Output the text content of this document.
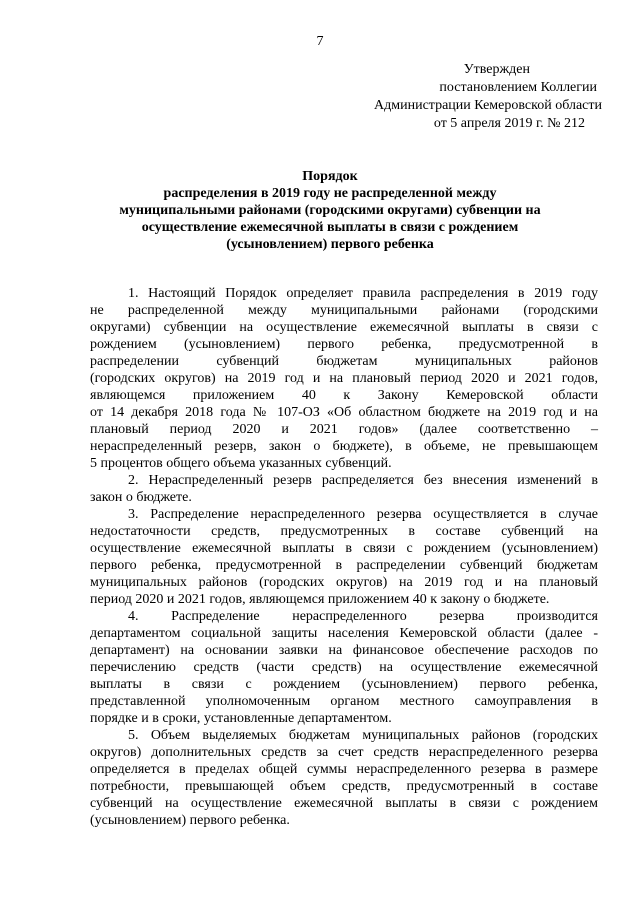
7
Утвержден
постановлением Коллегии
Администрации Кемеровской области
от 5 апреля 2019 г. № 212
Порядок
распределения в 2019 году не распределенной между
муниципальными районами (городскими округами) субвенции на
осуществление ежемесячной выплаты в связи с рождением
(усыновлением) первого ребенка

1. Настоящий Порядок определяет правила распределения в 2019 году
не распределенной между муниципальными районами (городскими
округами) субвенции на осуществление ежемесячной выплаты в связи с
рождением (усыновлением) первого ребенка, предусмотренной в
распределении субвенций бюджетам муниципальных районов
(городских округов) на 2019 год и на плановый период 2020 и 2021 годов,
являющемся приложением 40 к Закону Кемеровской области
от 14 декабря 2018 года № 107-ОЗ «Об областном бюджете на 2019 год и на
плановый период 2020 и 2021 годов» (далее соответственно –
нераспределенный резерв, закон о бюджете), в объеме, не превышающем
5 процентов общего объема указанных субвенций.

2. Нераспределенный резерв распределяется без внесения изменений в
закон о бюджете.

3. Распределение нераспределенного резерва осуществляется в случае
недостаточности средств, предусмотренных в составе субвенций на
осуществление ежемесячной выплаты в связи с рождением (усыновлением)
первого ребенка, предусмотренной в распределении субвенций бюджетам
муниципальных районов (городских округов) на 2019 год и на плановый
период 2020 и 2021 годов, являющемся приложением 40 к закону о бюджете.

4. Распределение нераспределенного резерва производится
департаментом социальной защиты населения Кемеровской области (далее -
департамент) на основании заявки на финансовое обеспечение расходов по
перечислению средств (части средств) на осуществление ежемесячной
выплаты в связи с рождением (усыновлением) первого ребенка,
представленной уполномоченным органом местного самоуправления в
порядке и в сроки, установленные департаментом.

5. Объем выделяемых бюджетам муниципальных районов (городских
округов) дополнительных средств за счет средств нераспределенного резерва
определяется в пределах общей суммы нераспределенного резерва в размере
потребности, превышающей объем средств, предусмотренный в составе
субвенций на осуществление ежемесячной выплаты в связи с рождением
(усыновлением) первого ребенка.
